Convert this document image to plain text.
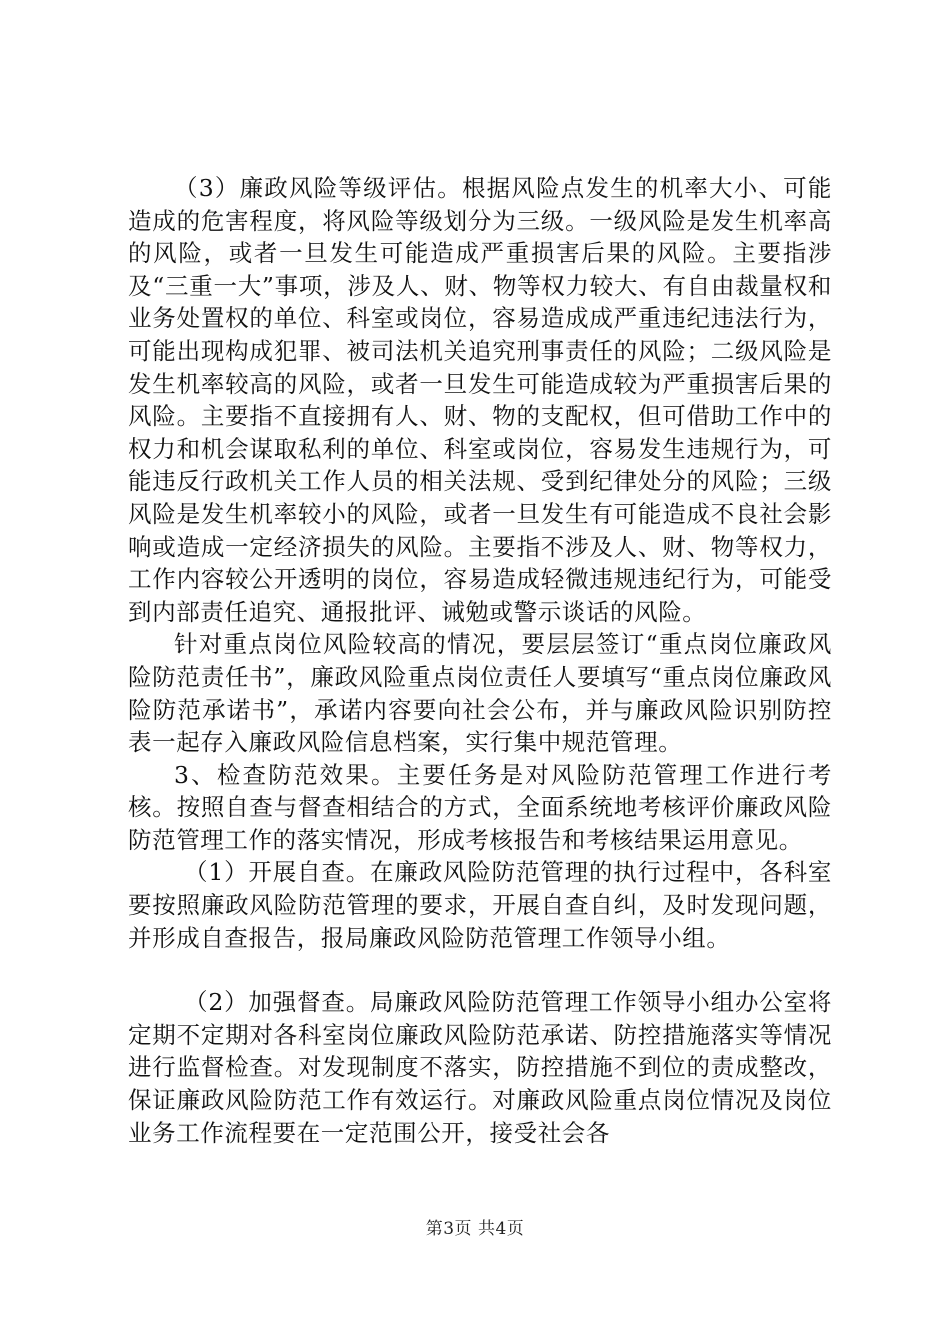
（3）廉政风险等级评估。根据风险点发生的机率大小、可能造成的危害程度，将风险等级划分为三级。一级风险是发生机率高的风险，或者一旦发生可能造成严重损害后果的风险。主要指涉及“三重一大”事项，涉及人、财、物等权力较大、有自由裁量权和业务处置权的单位、科室或岗位，容易造成成严重违纪违法行为，可能出现构成犯罪、被司法机关追究刑事责任的风险；二级风险是发生机率较高的风险，或者一旦发生可能造成较为严重损害后果的风险。主要指不直接拥有人、财、物的支配权，但可借助工作中的权力和机会谋取私利的单位、科室或岗位，容易发生违规行为，可能违反行政机关工作人员的相关法规、受到纪律处分的风险；三级风险是发生机率较小的风险，或者一旦发生有可能造成不良社会影响或造成一定经济损失的风险。主要指不涉及人、财、物等权力，工作内容较公开透明的岗位，容易造成轻微违规违纪行为，可能受到内部责任追究、通报批评、诫勉或警示谈话的风险。

针对重点岗位风险较高的情况，要层层签订“重点岗位廉政风险防范责任书”，廉政风险重点岗位责任人要填写“重点岗位廉政风险防范承诺书”，承诺内容要向社会公布，并与廉政风险识别防控表一起存入廉政风险信息档案，实行集中规范管理。

3、检查防范效果。主要任务是对风险防范管理工作进行考核。按照自查与督查相结合的方式，全面系统地考核评价廉政风险防范管理工作的落实情况，形成考核报告和考核结果运用意见。

（1）开展自查。在廉政风险防范管理的执行过程中，各科室要按照廉政风险防范管理的要求，开展自查自纠，及时发现问题，并形成自查报告，报局廉政风险防范管理工作领导小组。

（2）加强督查。局廉政风险防范管理工作领导小组办公室将定期不定期对各科室岗位廉政风险防范承诺、防控措施落实等情况进行监督检查。对发现制度不落实，防控措施不到位的责成整改，保证廉政风险防范工作有效运行。对廉政风险重点岗位情况及岗位业务工作流程要在一定范围公开，接受社会各

第3页 共4页
